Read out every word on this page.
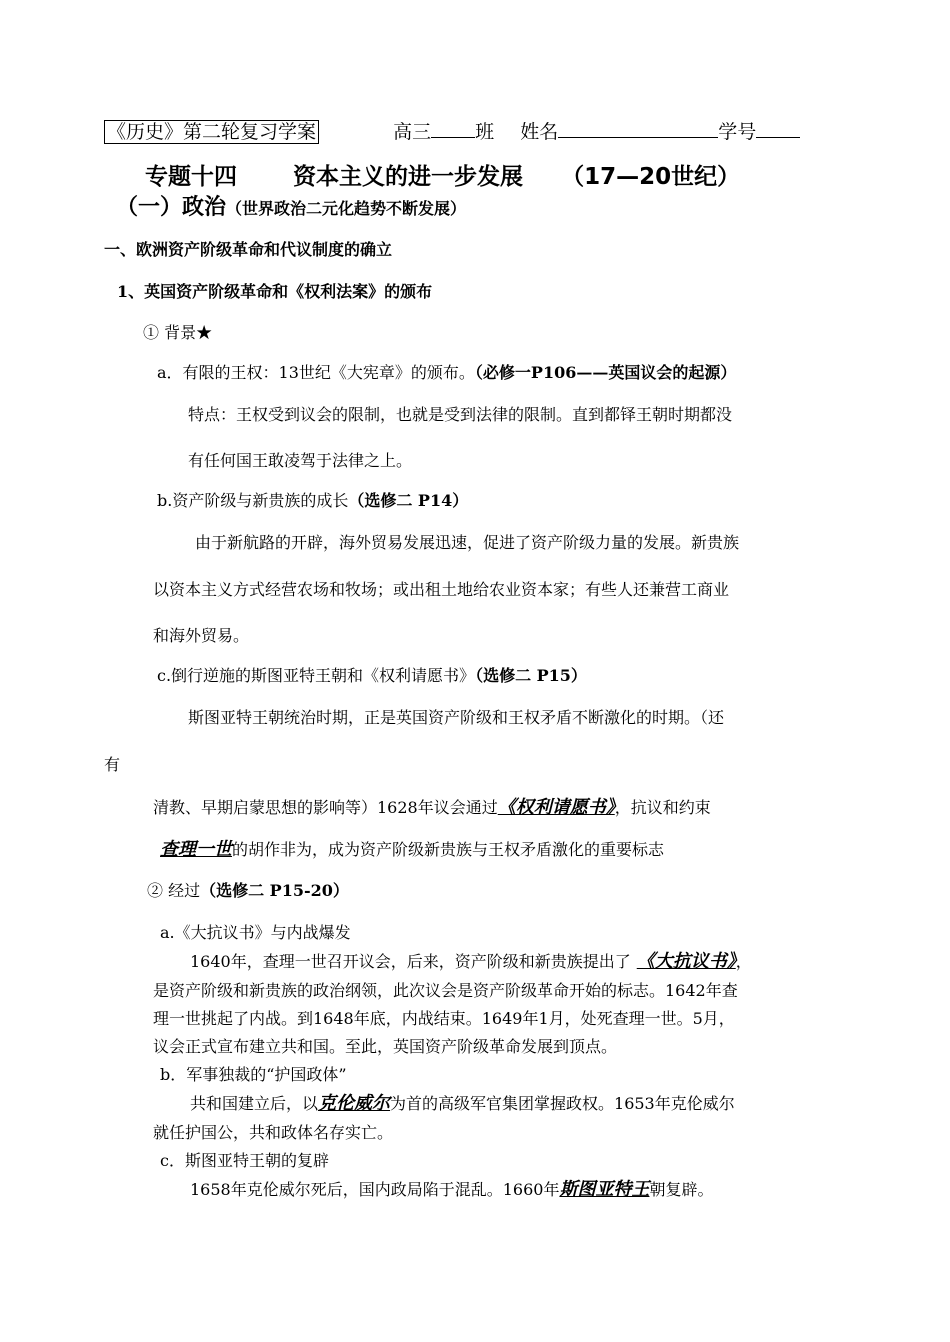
《历史》第二轮复习学案	高三 班 姓名	学号
专题十四 资本主义的进一步发展 （17—20世纪）
（一）政治（世界政治二元化趋势不断发展）
一、欧洲资产阶级革命和代议制度的确立
1、英国资产阶级革命和《权利法案》的颁布
① 背景★
a．有限的王权：13世纪《大宪章》的颁布。（必修一P106——英国议会的起源）
特点：王权受到议会的限制，也就是受到法律的限制。直到都铎王朝时期都没
有任何国王敢凌驾于法律之上。
b.资产阶级与新贵族的成长（选修二 P14）
由于新航路的开辟，海外贸易发展迅速，促进了资产阶级力量的发展。新贵族
以资本主义方式经营农场和牧场；或出租土地给农业资本家；有些人还兼营工商业
和海外贸易。
c.倒行逆施的斯图亚特王朝和《权利请愿书》（选修二 P15）
斯图亚特王朝统治时期，正是英国资产阶级和王权矛盾不断激化的时期。（还
有
清教、早期启蒙思想的影响等）1628年议会通过《权利请愿书》，抗议和约束
查理一世的胡作非为，成为资产阶级新贵族与王权矛盾激化的重要标志
② 经过（选修二 P15-20）
a.《大抗议书》与内战爆发
1640年，查理一世召开议会，后来，资产阶级和新贵族提出了 《大抗议书》，
是资产阶级和新贵族的政治纲领，此次议会是资产阶级革命开始的标志。1642年查
理一世挑起了内战。到1648年底，内战结束。1649年1月，处死查理一世。5月，
议会正式宣布建立共和国。至此，英国资产阶级革命发展到顶点。
b．军事独裁的“护国政体”
共和国建立后，以克伦威尔为首的高级军官集团掌握政权。1653年克伦威尔
就任护国公，共和政体名存实亡。
c．斯图亚特王朝的复辟
1658年克伦威尔死后，国内政局陷于混乱。1660年斯图亚特王朝复辟。
